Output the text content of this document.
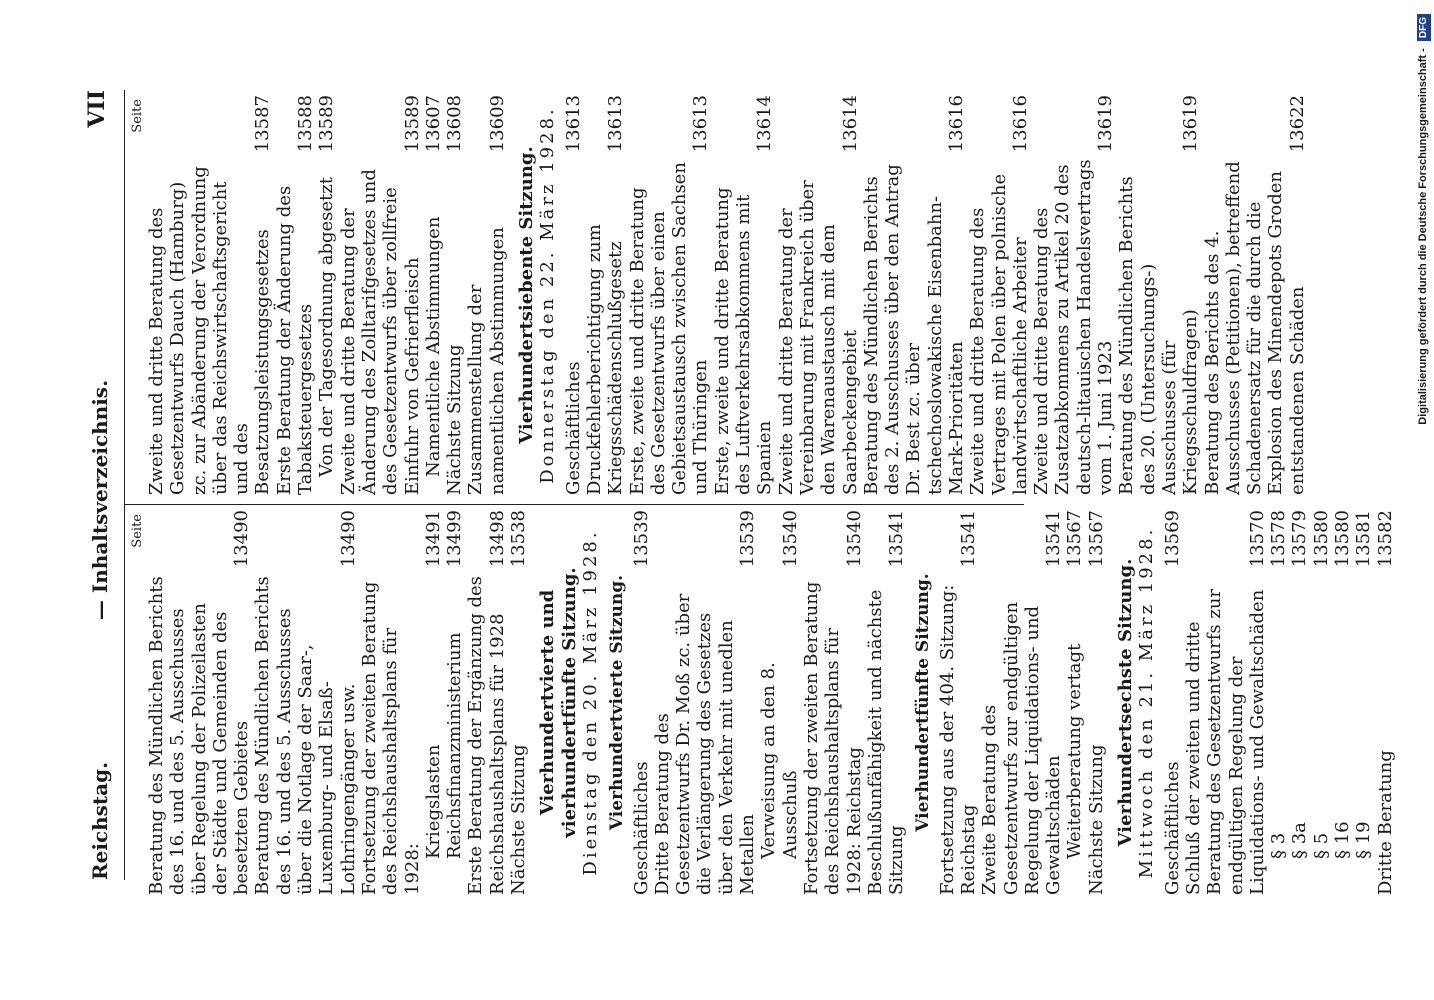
Reichstag.
— Inhaltsverzeichnis.
VII
Seite
Beratung des Mündlichen Berichts des 16. und des 5. Ausschusses über Regelung der Polizeilasten der Städte und Gemeinden des besetzten Gebietes
13490
Beratung des Mündlichen Berichts des 16. und des 5. Ausschusses über die Notlage der Saar-, Luxemburg- und Elsaß-Lothringengänger usw.
13490
Fortsetzung der zweiten Beratung des Reichshaushaltsplans für 1928:
Kriegslasten
13491
Reichsfinanzministerium
13499
Erste Beratung der Ergänzung des Reichshaushaltsplans für 1928
13498
Nächste Sitzung
13538
Vierhundertvierte und vierhundertfünfte Sitzung. Dienstag den 20. März 1928. Vierhundertvierte Sitzung. Geschäftliches
13539
Dritte Beratung des Gesetzentwurfs Dr. Moß zc. über die Verlängerung des Gesetzes über den Verkehr mit unedlen Metallen
13539
Verweisung an den 8. Ausschuß
13540
Fortsetzung der zweiten Beratung des Reichshaushaltsplans für 1928: Reichstag
13540
Beschlußunfähigkeit und nächste Sitzung
13541
Vierhundertfünfte Sitzung. Fortsetzung aus der 404. Sitzung: Reichstag
13541
Zweite Beratung des Gesetzentwurfs zur endgültigen Regelung der Liquidations- und Gewaltschäden
13541
Weiterberatung vertagt
13567
Nächste Sitzung
13567
Vierhundertsechste Sitzung. Mittwoch den 21. März 1928. Geschäftliches
13569
Schluß der zweiten und dritte Beratung des Gesetzentwurfs zur endgültigen Regelung der Liquidations- und Gewaltschäden
13570
§ 3
13578
§ 3a
13579
§ 5
13580
§ 16
13580
§ 19
13581
Dritte Beratung
13582
Seite
Zweite und dritte Beratung des Gesetzentwurfs Dauch (Hamburg) zc. zur Abänderung der Verordnung über das Reichswirtschaftsgericht und des Besatzungsleistungsgesetzes
13587
Erste Beratung der Änderung des Tabaksteuergesetzes
13588
Von der Tagesordnung abgesetzt
13589
Zweite und dritte Beratung der Änderung des Zolltarifgesetzes und des Gesetzentwurfs über zollfreie Einfuhr von Gefrierfleisch
13589
Namentliche Abstimmungen
13607
Nächste Sitzung
13608
Zusammenstellung der namentlichen Abstimmungen
13609
Vierhundertsiebente Sitzung. Donnerstag den 22. März 1928. Geschäftliches
13613
Druckfehlerberichtigung zum Kriegsschädenschlußgesetz
13613
Erste, zweite und dritte Beratung des Gesetzentwurfs über einen Gebietsaustausch zwischen Sachsen und Thüringen
13613
Erste, zweite und dritte Beratung des Luftverkehrsabkommens mit Spanien
13614
Zweite und dritte Beratung der Vereinbarung mit Frankreich über den Warenaustausch mit dem Saarbeckengebiet
13614
Beratung des Mündlichen Berichts des 2. Ausschusses über den Antrag Dr. Best zc. über tschechoslowakische Eisenbahn-Mark-Prioritäten
13616
Zweite und dritte Beratung des Vertrages mit Polen über polnische landwirtschaftliche Arbeiter
13616
Zweite und dritte Beratung des Zusatzabkommens zu Artikel 20 des deutsch-litauischen Handelsvertrags vom 1. Juni 1923
13619
Beratung des Mündlichen Berichts des 20. (Untersuchungs-) Ausschusses (für Kriegsschuldfragen)
13619
Beratung des Berichts des 4. Ausschusses (Petitionen), betreffend Schadenersatz für die durch die Explosion des Minendepots Groden entstandenen Schäden
13622	Digitalisierung gefördert durch die Deutsche Forschungsgemeinschaft - DFG
